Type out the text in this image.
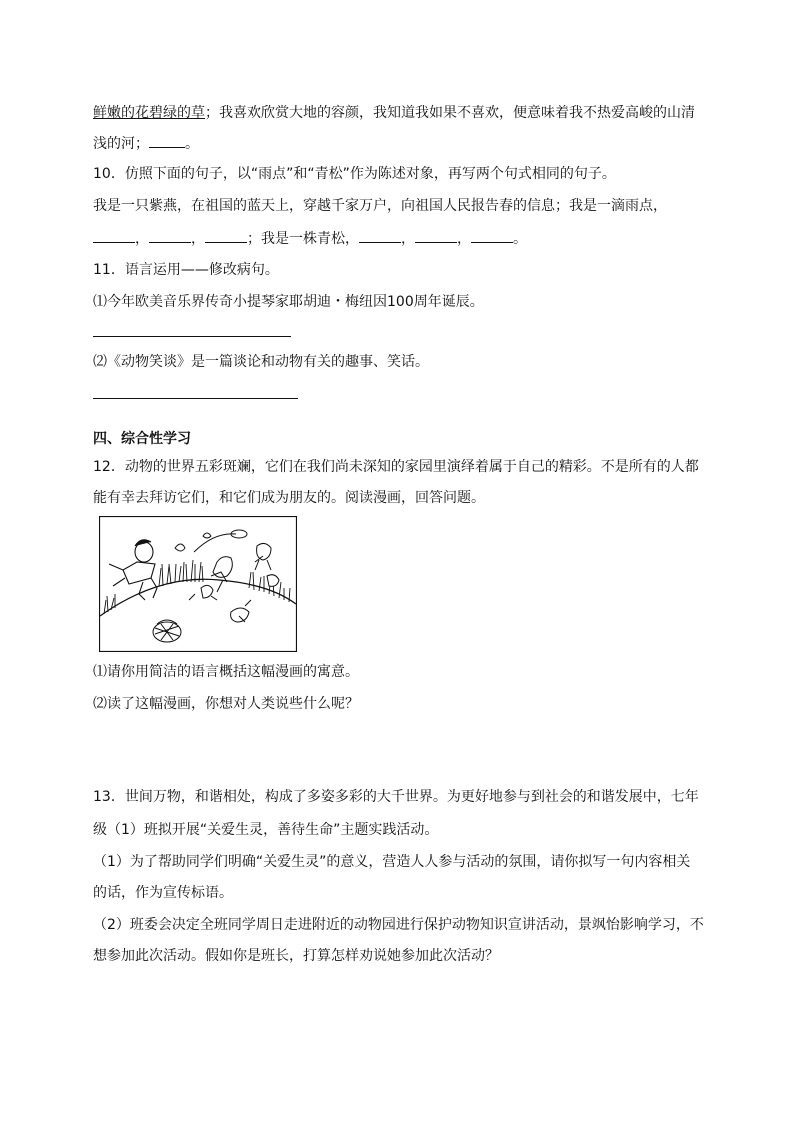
鲜嫩的花碧绿的草；我喜欢欣赏大地的容颜，我知道我如果不喜欢，便意味着我不热爱高峻的山清
浅的河；	。
10．仿照下面的句子，以“雨点”和“青松”作为陈述对象，再写两个句式相同的句子。
我是一只紫燕，在祖国的蓝天上，穿越千家万户，向祖国人民报告春的信息；我是一滴雨点，
，	，	；我是一株青松，	，	，	。
11．语言运用——修改病句。
⑴今年欧美音乐界传奇小提琴家耶胡迪・梅纽因100周年诞辰。
⑵《动物笑谈》是一篇谈论和动物有关的趣事、笑话。
四、综合性学习
12．动物的世界五彩斑斓，它们在我们尚未深知的家园里演绎着属于自己的精彩。不是所有的人都
能有幸去拜访它们，和它们成为朋友的。阅读漫画，回答问题。
⑴请你用简洁的语言概括这幅漫画的寓意。
⑵读了这幅漫画，你想对人类说些什么呢？
13．世间万物，和谐相处，构成了多姿多彩的大千世界。为更好地参与到社会的和谐发展中，七年
级（1）班拟开展“关爱生灵，善待生命”主题实践活动。
（1）为了帮助同学们明确“关爱生灵”的意义，营造人人参与活动的氛围，请你拟写一句内容相关
的话，作为宣传标语。
（2）班委会决定全班同学周日走进附近的动物园进行保护动物知识宣讲活动，景飒怡影响学习，不
想参加此次活动。假如你是班长，打算怎样劝说她参加此次活动？
